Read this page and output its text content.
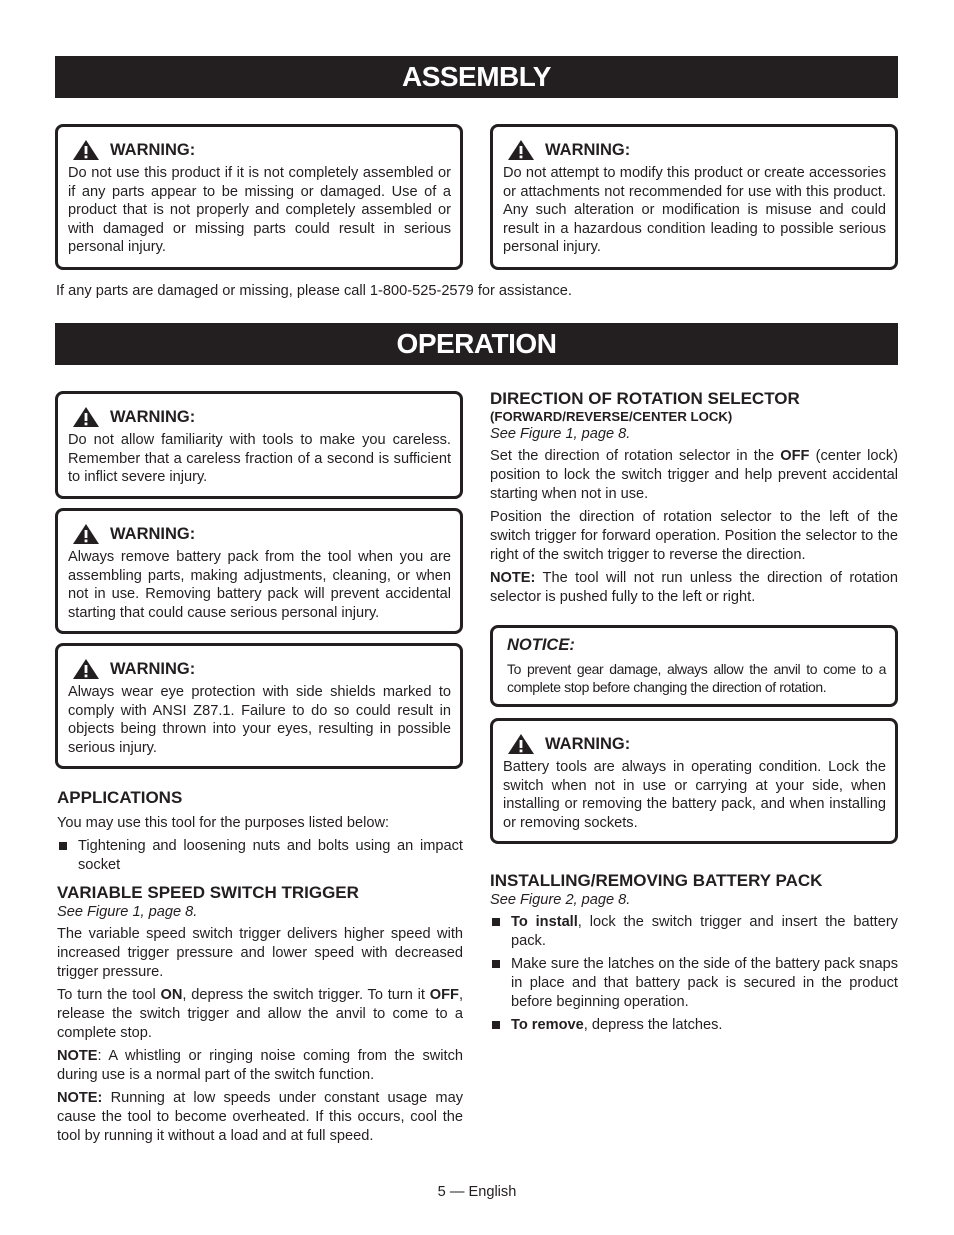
ASSEMBLY
WARNING:
Do not use this product if it is not completely assembled or if any parts appear to be missing or damaged. Use of a product that is not properly and completely assembled or with damaged or missing parts could result in serious personal injury.
WARNING:
Do not attempt to modify this product or create accessories or attachments not recommended for use with this product. Any such alteration or modification is misuse and could result in a hazardous condition leading to possible serious personal injury.
If any parts are damaged or missing, please call 1-800-525-2579 for assistance.
OPERATION
WARNING:
Do not allow familiarity with tools to make you careless. Remember that a careless fraction of a second is sufficient to inflict severe injury.
WARNING:
Always remove battery pack from the tool when you are assembling parts, making adjustments, cleaning, or when not in use. Removing battery pack will prevent accidental starting that could cause serious personal injury.
WARNING:
Always wear eye protection with side shields marked to comply with ANSI Z87.1. Failure to do so could result in objects being thrown into your eyes, resulting in possible serious injury.
APPLICATIONS

You may use this tool for the purposes listed below:

Tightening and loosening nuts and bolts using an impact socket
VARIABLE SPEED SWITCH TRIGGER
See Figure 1, page 8.

The variable speed switch trigger delivers higher speed with increased trigger pressure and lower speed with decreased trigger pressure.

To turn the tool ON, depress the switch trigger. To turn it OFF, release the switch trigger and allow the anvil to come to a complete stop.

NOTE: A whistling or ringing noise coming from the switch during use is a normal part of the switch function.

NOTE: Running at low speeds under constant usage may cause the tool to become overheated. If this occurs, cool the tool by running it without a load and at full speed.

DIRECTION OF ROTATION SELECTOR
(FORWARD/REVERSE/CENTER LOCK)
See Figure 1, page 8.

Set the direction of rotation selector in the OFF (center lock) position to lock the switch trigger and help prevent accidental starting when not in use.

Position the direction of rotation selector to the left of the switch trigger for forward operation. Position the selector to the right of the switch trigger to reverse the direction.

NOTE: The tool will not run unless the direction of rotation selector is pushed fully to the left or right.

NOTICE:
To prevent gear damage, always allow the anvil to come to a complete stop before changing the direction of rotation.
WARNING:
Battery tools are always in operating condition. Lock the switch when not in use or carrying at your side, when installing or removing the battery pack, and when installing or removing sockets.
INSTALLING/REMOVING BATTERY PACK
See Figure 2, page 8.
To install, lock the switch trigger and insert the battery pack.
Make sure the latches on the side of the battery pack snaps in place and that battery pack is secured in the product before beginning operation.
To remove, depress the latches.
5 — English
